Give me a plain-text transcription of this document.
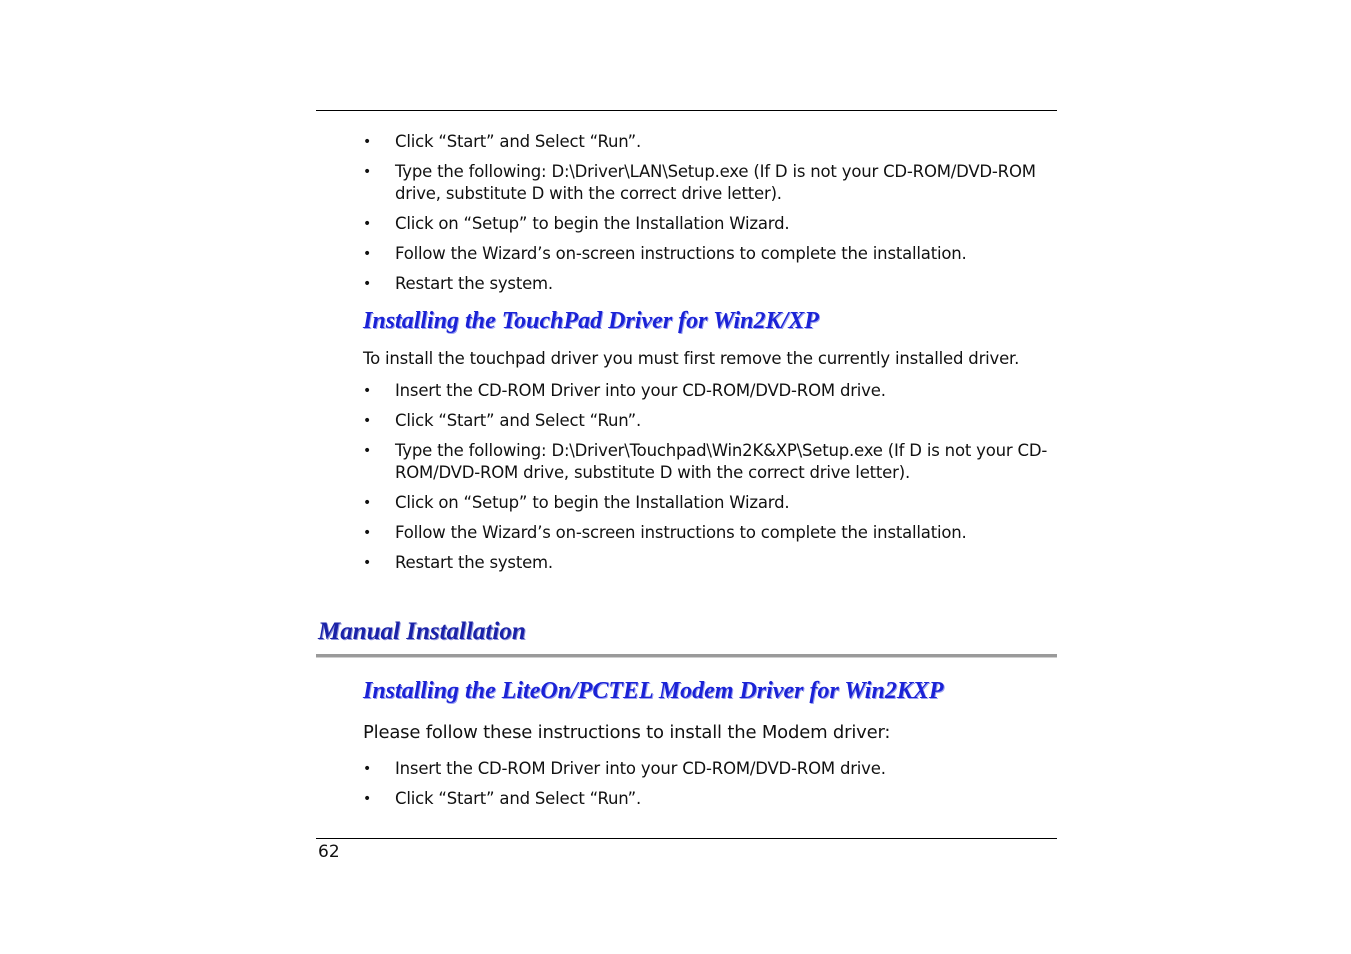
• Click “Start” and Select “Run”.
• Type the following: D:\Driver\LAN\Setup.exe (If D is not your CD-ROM/DVD-ROM drive, substitute D with the correct drive letter).
• Click on “Setup” to begin the Installation Wizard.
• Follow the Wizard’s on-screen instructions to complete the installation.
• Restart the system.
Installing the TouchPad Driver for Win2K/XP

To install the touchpad driver you must first remove the currently installed driver.

• Insert the CD-ROM Driver into your CD-ROM/DVD-ROM drive.
• Click “Start” and Select “Run”.
• Type the following: D:\Driver\Touchpad\Win2K&XP\Setup.exe (If D is not your CD-ROM/DVD-ROM drive, substitute D with the correct drive letter).
• Click on “Setup” to begin the Installation Wizard.
• Follow the Wizard’s on-screen instructions to complete the installation.
• Restart the system.
Manual Installation
Installing the LiteOn/PCTEL Modem Driver for Win2KXP

Please follow these instructions to install the Modem driver:

• Insert the CD-ROM Driver into your CD-ROM/DVD-ROM drive.
• Click “Start” and Select “Run”.
62
